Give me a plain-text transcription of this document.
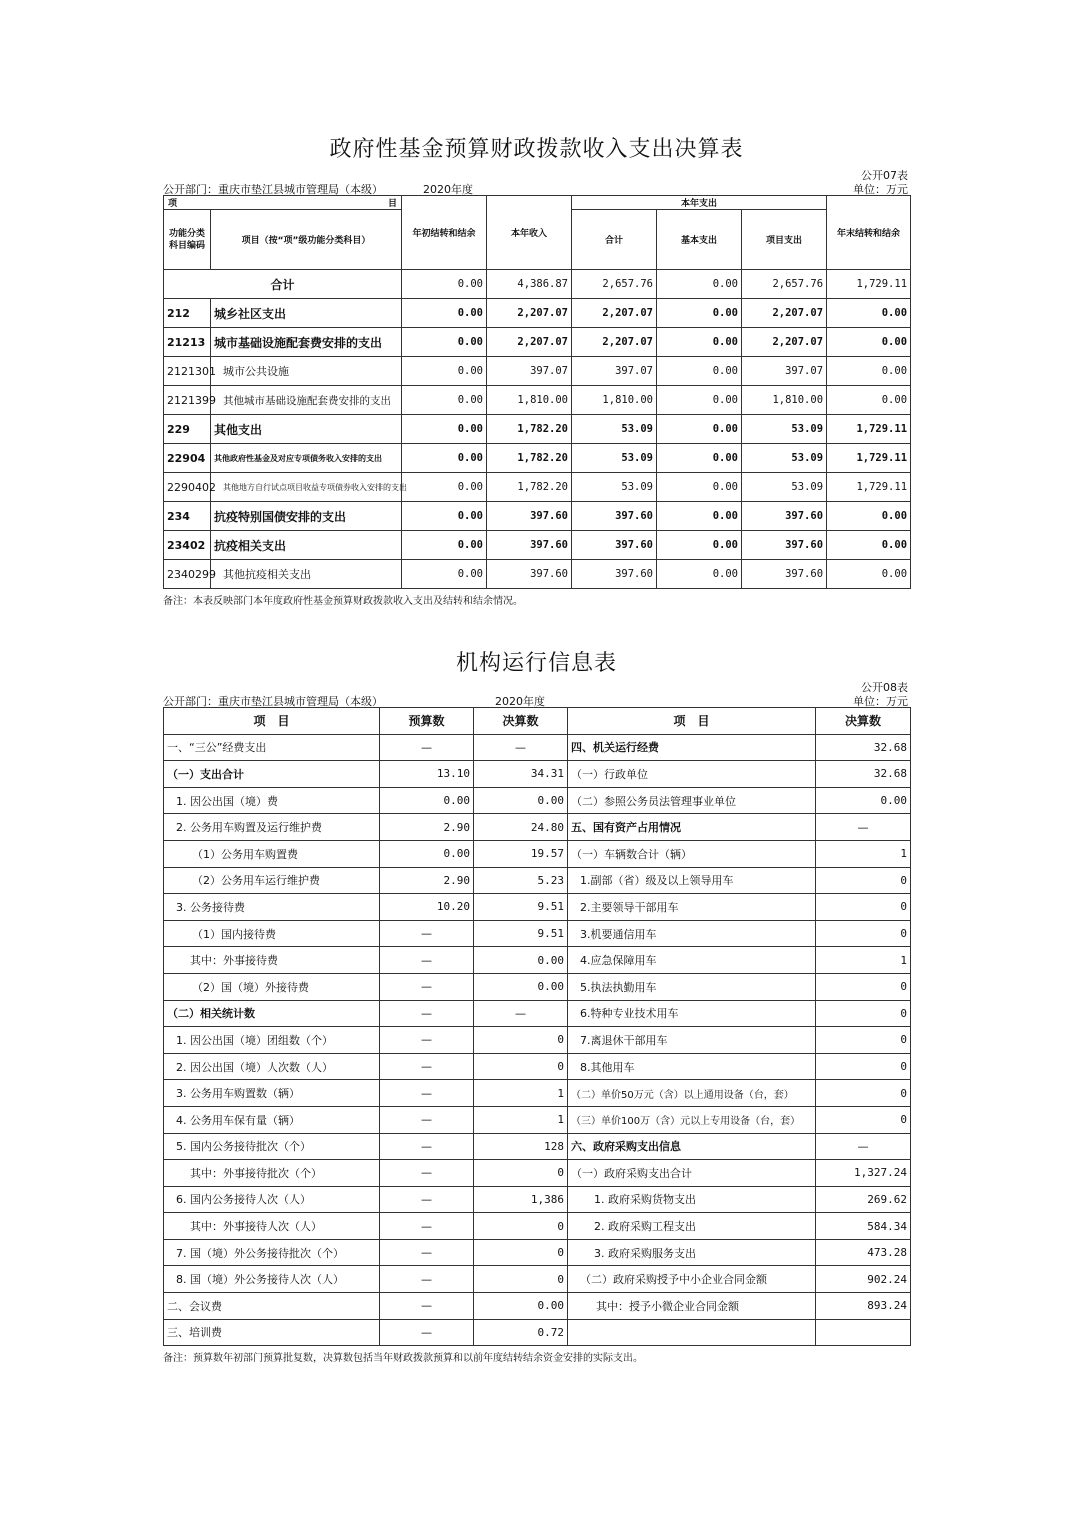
政府性基金预算财政拨款收入支出决算表
公开07表
公开部门：重庆市垫江县城市管理局（本级）	2020年度	单位：万元
项 目		年初结转和结余	本年收入	本年支出			年末结转和结余
功能分类科目编码	项目（按“项”级功能分类科目）			合计	基本支出	项目支出	
合计		0.00	4,386.87	2,657.76	0.00	2,657.76	1,729.11
212	城乡社区支出	0.00	2,207.07	2,207.07	0.00	2,207.07	0.00
21213	城市基础设施配套费安排的支出	0.00	2,207.07	2,207.07	0.00	2,207.07	0.00
2121301	城市公共设施	0.00	397.07	397.07	0.00	397.07	0.00
2121399	其他城市基础设施配套费安排的支出	0.00	1,810.00	1,810.00	0.00	1,810.00	0.00
229	其他支出	0.00	1,782.20	53.09	0.00	53.09	1,729.11
22904	其他政府性基金及对应专项债务收入安排的支出	0.00	1,782.20	53.09	0.00	53.09	1,729.11
2290402	其他地方自行试点项目收益专项债券收入安排的支出	0.00	1,782.20	53.09	0.00	53.09	1,729.11
234	抗疫特别国债安排的支出	0.00	397.60	397.60	0.00	397.60	0.00
23402	抗疫相关支出	0.00	397.60	397.60	0.00	397.60	0.00
2340299	其他抗疫相关支出	0.00	397.60	397.60	0.00	397.60	0.00
备注：本表反映部门本年度政府性基金预算财政拨款收入支出及结转和结余情况。
机构运行信息表
公开08表
公开部门：重庆市垫江县城市管理局（本级）	2020年度	单位：万元
项　目	预算数	决算数	项　目	决算数
一、“三公”经费支出	—	—	四、机关运行经费	32.68
（一）支出合计	13.10	34.31	（一）行政单位	32.68
1. 因公出国（境）费	0.00	0.00	（二）参照公务员法管理事业单位	0.00
2. 公务用车购置及运行维护费	2.90	24.80	五、国有资产占用情况	—
（1）公务用车购置费	0.00	19.57	（一）车辆数合计（辆）	1
（2）公务用车运行维护费	2.90	5.23	1.副部（省）级及以上领导用车	0
3. 公务接待费	10.20	9.51	2.主要领导干部用车	0
（1）国内接待费	—	9.51	3.机要通信用车	0
其中：外事接待费	—	0.00	4.应急保障用车	1
（2）国（境）外接待费	—	0.00	5.执法执勤用车	0
（二）相关统计数	—	—	6.特种专业技术用车	0
1. 因公出国（境）团组数（个）	—	0	7.离退休干部用车	0
2. 因公出国（境）人次数（人）	—	0	8.其他用车	0
3. 公务用车购置数（辆）	—	1	（二）单价50万元（含）以上通用设备（台，套）	0
4. 公务用车保有量（辆）	—	1	（三）单价100万（含）元以上专用设备（台，套）	0
5. 国内公务接待批次（个）	—	128	六、政府采购支出信息	—
其中：外事接待批次（个）	—	0	（一）政府采购支出合计	1,327.24
6. 国内公务接待人次（人）	—	1,386	1. 政府采购货物支出	269.62
其中：外事接待人次（人）	—	0	2. 政府采购工程支出	584.34
7. 国（境）外公务接待批次（个）	—	0	3. 政府采购服务支出	473.28
8. 国（境）外公务接待人次（人）	—	0	（二）政府采购授予中小企业合同金额	902.24
二、会议费	—	0.00	其中：授予小微企业合同金额	893.24
三、培训费	—	0.72		
备注：预算数年初部门预算批复数，决算数包括当年财政拨款预算和以前年度结转结余资金安排的实际支出。
